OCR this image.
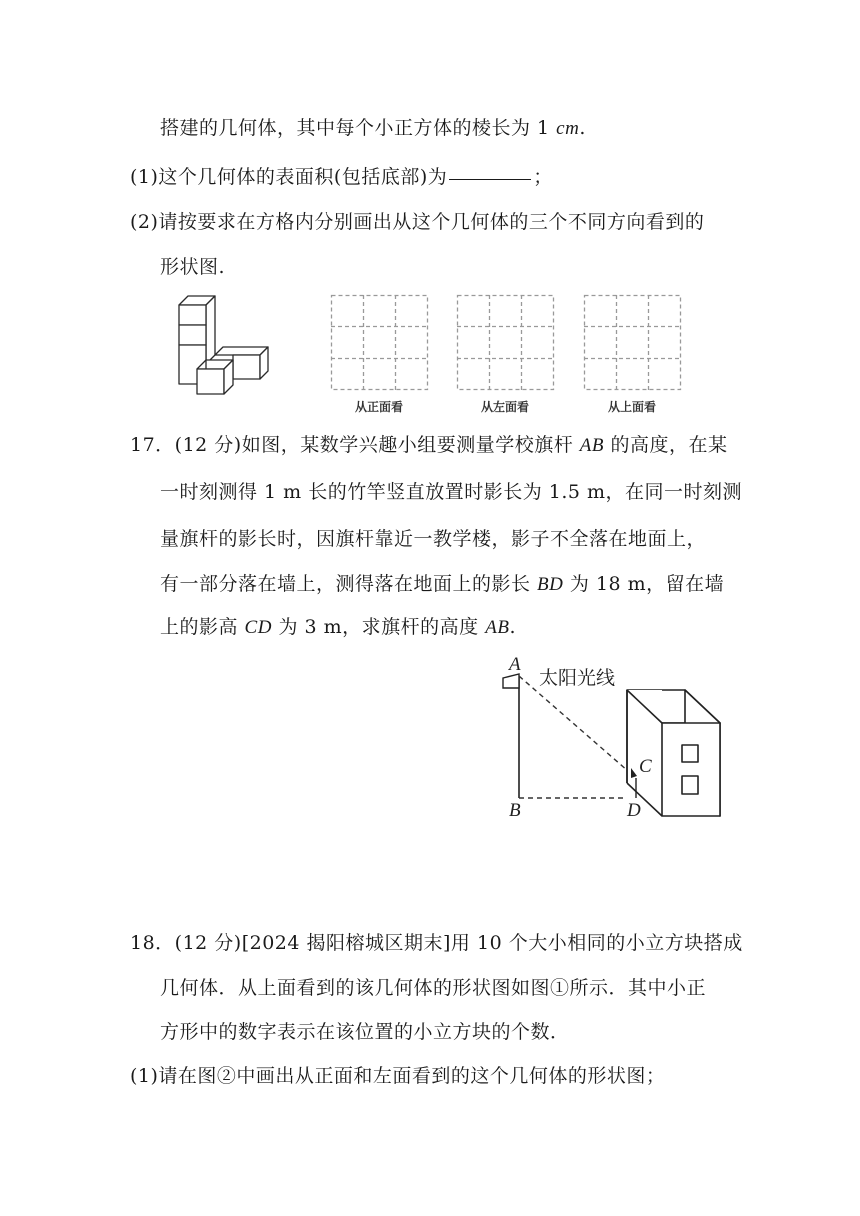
搭建的几何体，其中每个小正方体的棱长为 1 cm.
(1)这个几何体的表面积(包括底部)为	；
(2)请按要求在方格内分别画出从这个几何体的三个不同方向看到的
形状图.
从正面看	从左面看	从上面看
17．(12 分)如图，某数学兴趣小组要测量学校旗杆 AB 的高度，在某
一时刻测得 1 m 长的竹竿竖直放置时影长为 1.5 m，在同一时刻测
量旗杆的影长时，因旗杆靠近一教学楼，影子不全落在地面上，
有一部分落在墙上，测得落在地面上的影长 BD 为 18 m，留在墙
上的影高 CD 为 3 m，求旗杆的高度 AB.
A
B
C
D
太阳光线
18．(12 分)[2024 揭阳榕城区期末]用 10 个大小相同的小立方块搭成
几何体．从上面看到的该几何体的形状图如图①所示．其中小正
方形中的数字表示在该位置的小立方块的个数．
(1)请在图②中画出从正面和左面看到的这个几何体的形状图；
